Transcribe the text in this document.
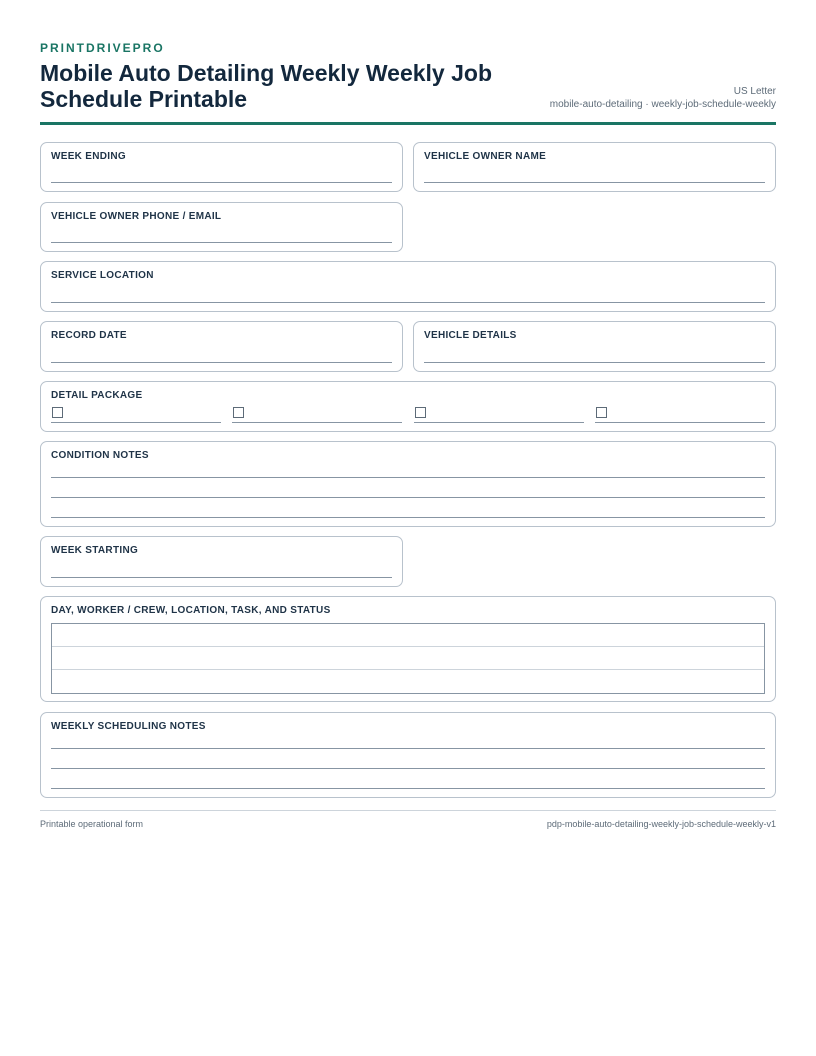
PRINTDRIVEPRO
Mobile Auto Detailing Weekly Weekly Job Schedule Printable	US Letter
mobile-auto-detailing · weekly-job-schedule-weekly
WEEK ENDING	VEHICLE OWNER NAME
VEHICLE OWNER PHONE / EMAIL
SERVICE LOCATION
RECORD DATE	VEHICLE DETAILS
DETAIL PACKAGE
CONDITION NOTES
WEEK STARTING
DAY, WORKER / CREW, LOCATION, TASK, AND STATUS
WEEKLY SCHEDULING NOTES
Printable operational form	pdp-mobile-auto-detailing-weekly-job-schedule-weekly-v1
